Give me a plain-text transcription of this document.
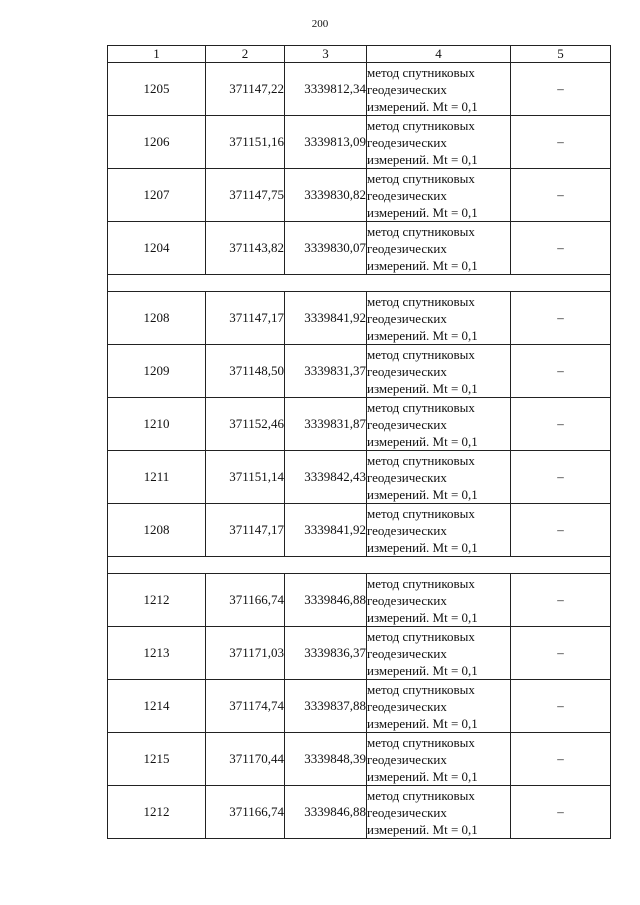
200
1	2	3	4	5
1205	371147,22	3339812,34	метод спутниковых
геодезических
измерений. Mt = 0,1	–
1206	371151,16	3339813,09	метод спутниковых
геодезических
измерений. Mt = 0,1	–
1207	371147,75	3339830,82	метод спутниковых
геодезических
измерений. Mt = 0,1	–
1204	371143,82	3339830,07	метод спутниковых
геодезических
измерений. Mt = 0,1	–

1208	371147,17	3339841,92	метод спутниковых
геодезических
измерений. Mt = 0,1	–
1209	371148,50	3339831,37	метод спутниковых
геодезических
измерений. Mt = 0,1	–
1210	371152,46	3339831,87	метод спутниковых
геодезических
измерений. Mt = 0,1	–
1211	371151,14	3339842,43	метод спутниковых
геодезических
измерений. Mt = 0,1	–
1208	371147,17	3339841,92	метод спутниковых
геодезических
измерений. Mt = 0,1	–

1212	371166,74	3339846,88	метод спутниковых
геодезических
измерений. Mt = 0,1	–
1213	371171,03	3339836,37	метод спутниковых
геодезических
измерений. Mt = 0,1	–
1214	371174,74	3339837,88	метод спутниковых
геодезических
измерений. Mt = 0,1	–
1215	371170,44	3339848,39	метод спутниковых
геодезических
измерений. Mt = 0,1	–
1212	371166,74	3339846,88	метод спутниковых
геодезических
измерений. Mt = 0,1	–
